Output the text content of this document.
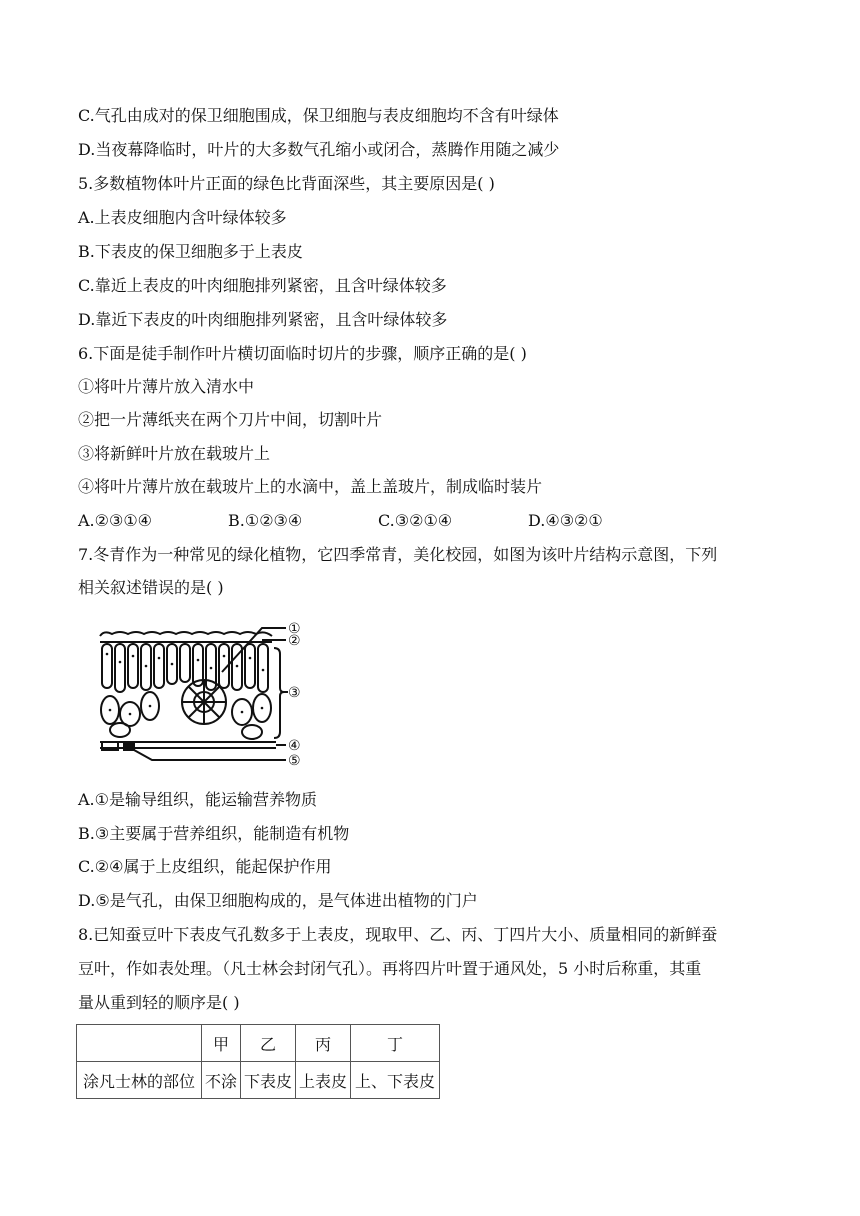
C.气孔由成对的保卫细胞围成，保卫细胞与表皮细胞均不含有叶绿体
D.当夜幕降临时，叶片的大多数气孔缩小或闭合，蒸腾作用随之减少
5.多数植物体叶片正面的绿色比背面深些，其主要原因是( )
A.上表皮细胞内含叶绿体较多
B.下表皮的保卫细胞多于上表皮
C.靠近上表皮的叶肉细胞排列紧密，且含叶绿体较多
D.靠近下表皮的叶肉细胞排列紧密，且含叶绿体较多
6.下面是徒手制作叶片横切面临时切片的步骤，顺序正确的是( )
①将叶片薄片放入清水中
②把一片薄纸夹在两个刀片中间，切割叶片
③将新鲜叶片放在载玻片上
④将叶片薄片放在载玻片上的水滴中，盖上盖玻片，制成临时装片
A.②③①④	B.①②③④	C.③②①④	D.④③②①
7.冬青作为一种常见的绿化植物，它四季常青，美化校园，如图为该叶片结构示意图，下列
相关叙述错误的是( )
①
②
③
④
⑤
A.①是输导组织，能运输营养物质
B.③主要属于营养组织，能制造有机物
C.②④属于上皮组织，能起保护作用
D.⑤是气孔，由保卫细胞构成的，是气体进出植物的门户
8.已知蚕豆叶下表皮气孔数多于上表皮，现取甲、乙、丙、丁四片大小、质量相同的新鲜蚕
豆叶，作如表处理。（凡士林会封闭气孔）。再将四片叶置于通风处，5 小时后称重，其重
量从重到轻的顺序是( )
	甲	乙	丙	丁
涂凡士林的部位	不涂	下表皮	上表皮	上、下表皮
